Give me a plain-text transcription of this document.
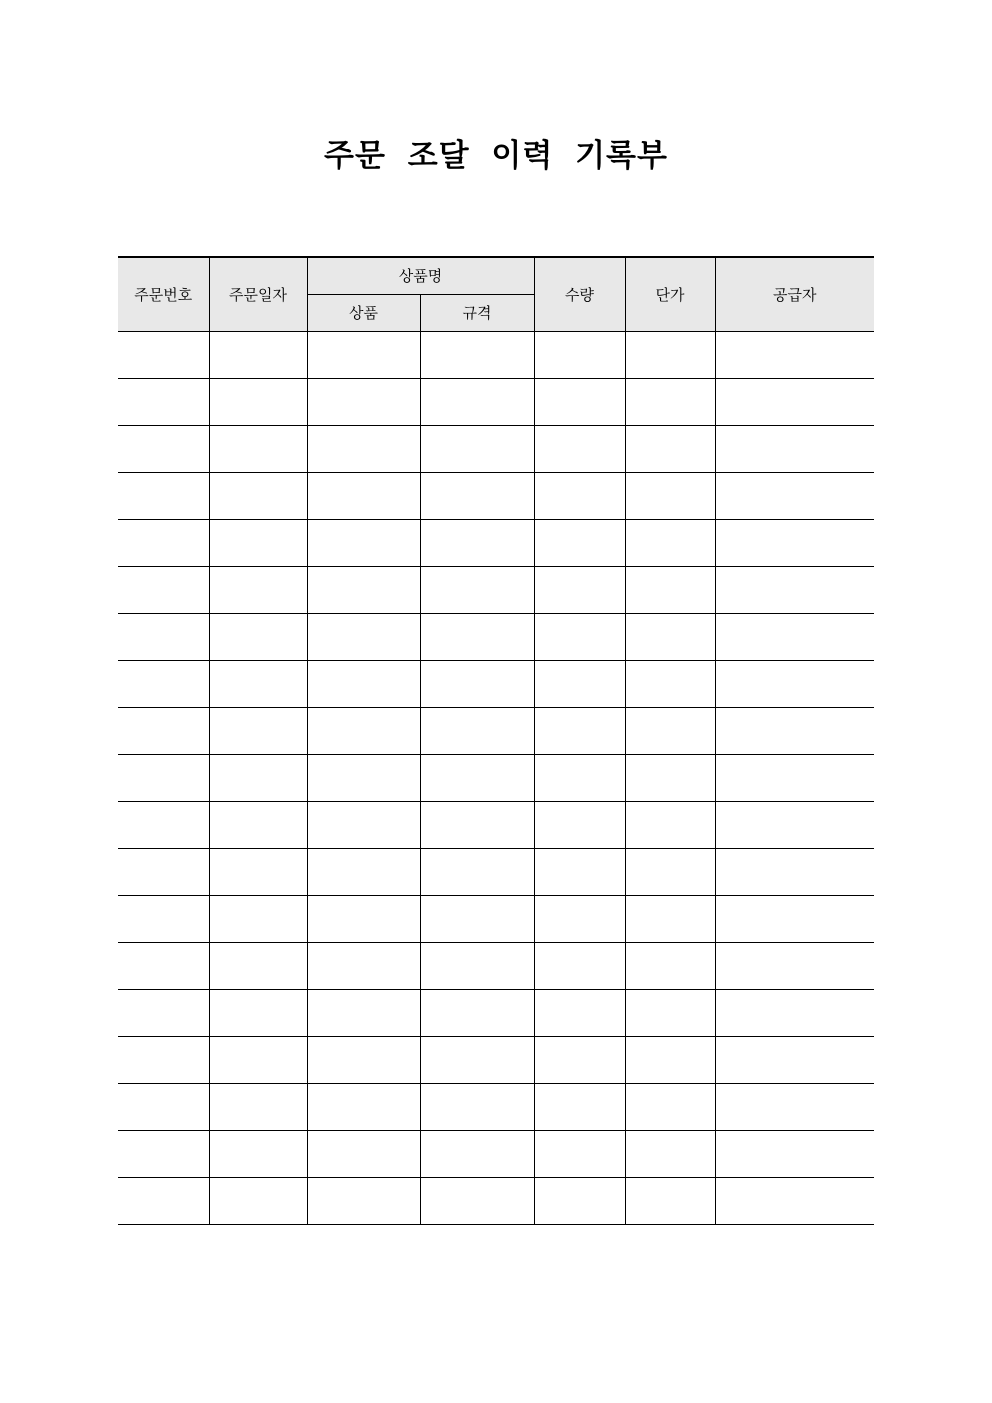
주문 조달 이력 기록부
주문번호	주문일자	상품명		수량	단가	공급자
		상품	규격			
